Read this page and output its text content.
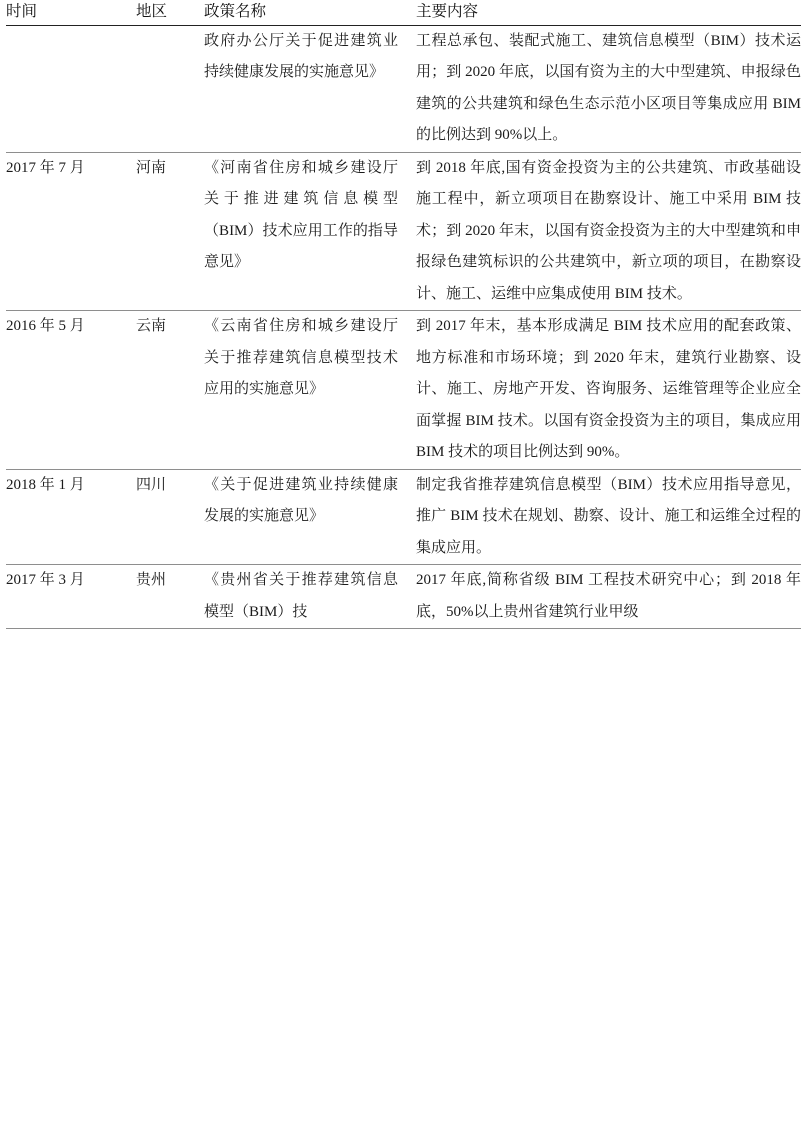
时间	地区	政策名称	主要内容

		政府办公厅关于促进建筑业持续健康发展的实施意见》	工程总承包、装配式施工、建筑信息模型（BIM）技术运用；到 2020 年底，以国有资为主的大中型建筑、申报绿色建筑的公共建筑和绿色生态示范小区项目等集成应用 BIM 的比例达到 90%以上。

2017 年 7 月	河南	《河南省住房和城乡建设厅关于推进建筑信息模型（BIM）技术应用工作的指导意见》	到 2018 年底,国有资金投资为主的公共建筑、市政基础设施工程中，新立项项目在勘察设计、施工中采用 BIM 技术；到 2020 年末，以国有资金投资为主的大中型建筑和申报绿色建筑标识的公共建筑中，新立项的项目，在勘察设计、施工、运维中应集成使用 BIM 技术。

2016 年 5 月	云南	《云南省住房和城乡建设厅关于推荐建筑信息模型技术应用的实施意见》	到 2017 年末，基本形成满足 BIM 技术应用的配套政策、地方标准和市场环境；到 2020 年末，建筑行业勘察、设计、施工、房地产开发、咨询服务、运维管理等企业应全面掌握 BIM 技术。以国有资金投资为主的项目，集成应用 BIM 技术的项目比例达到 90%。

2018 年 1 月	四川	《关于促进建筑业持续健康发展的实施意见》	制定我省推荐建筑信息模型（BIM）技术应用指导意见，推广 BIM 技术在规划、勘察、设计、施工和运维全过程的集成应用。

2017 年 3 月	贵州	《贵州省关于推荐建筑信息模型（BIM）技	2017 年底,简称省级 BIM 工程技术研究中心；到 2018 年底，50%以上贵州省建筑行业甲级
